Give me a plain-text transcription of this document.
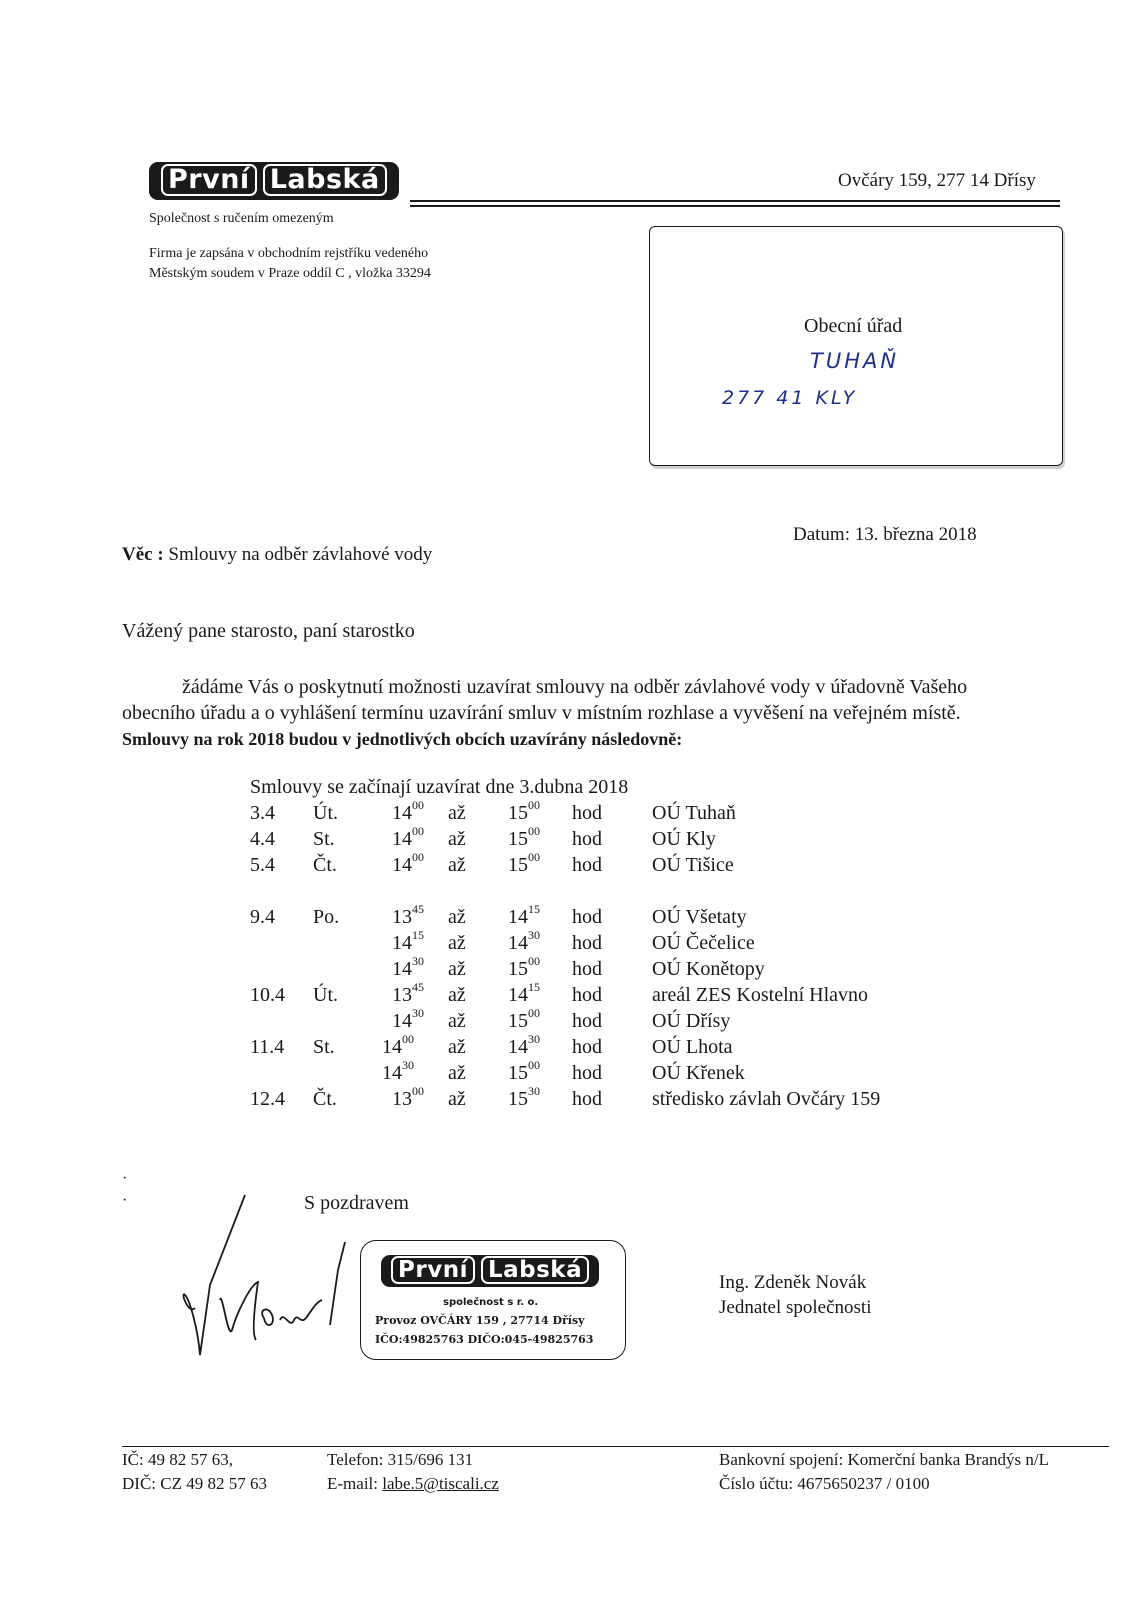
První Labská
Společnost s ručením omezeným
Firma je zapsána v obchodním rejstříku vedeného
Městským soudem v Praze oddíl C , vložka 33294
Ovčáry 159, 277 14 Dřísy
Obecní úřad
TUHAŇ
277 41 KLY
Datum: 13. března 2018
Věc : Smlouvy na odběr závlahové vody
Vážený pane starosto, paní starostko
žádáme Vás o poskytnutí možnosti uzavírat smlouvy na odběr závlahové vody v úřadovně Vašeho
obecního úřadu a o vyhlášení termínu uzavírání smluv v místním rozhlase a vyvěšení na veřejném místě.
Smlouvy na rok 2018 budou v jednotlivých obcích uzavírány následovně:
Smlouvy se začínají uzavírat dne 3.dubna 2018
3.4 Út.	$14^{00}$ až $15^{00}$ hod	OÚ Tuhaň
4.4 St.	$14^{00}$ až $15^{00}$ hod	OÚ Kly
5.4 Čt.	$14^{00}$ až $15^{00}$ hod	OÚ Tišice
9.4 Po.	$13^{45}$ až $14^{15}$ hod	OÚ Všetaty
$14^{15}$ až $14^{30}$ hod	OÚ Čečelice
$14^{30}$ až $15^{00}$ hod	OÚ Konětopy
10.4 Út.	$13^{45}$ až $14^{15}$ hod	areál ZES Kostelní Hlavno
$14^{30}$ až $15^{00}$ hod	OÚ Dřísy
11.4 St. $14^{00}$ až $14^{30}$ hod	OÚ Lhota
$14^{30}$ až $15^{00}$ hod	OÚ Křenek
12.4 Čt.	$13^{00}$ až $15^{30}$ hod	středisko závlah Ovčáry 159
·
·	S pozdravem
První Labská
společnost s r. o.
Provoz OVČÁRY 159 , 27714 Dřísy
IČO:49825763 DIČO:045-49825763
Ing. Zdeněk Novák
Jednatel společnosti
IČ: 49 82 57 63,
DIČ: CZ 49 82 57 63
Telefon: 315/696 131
E-mail: labe.5@tiscali.cz
Bankovní spojení: Komerční banka Brandýs n/L
Číslo účtu: 4675650237 / 0100
